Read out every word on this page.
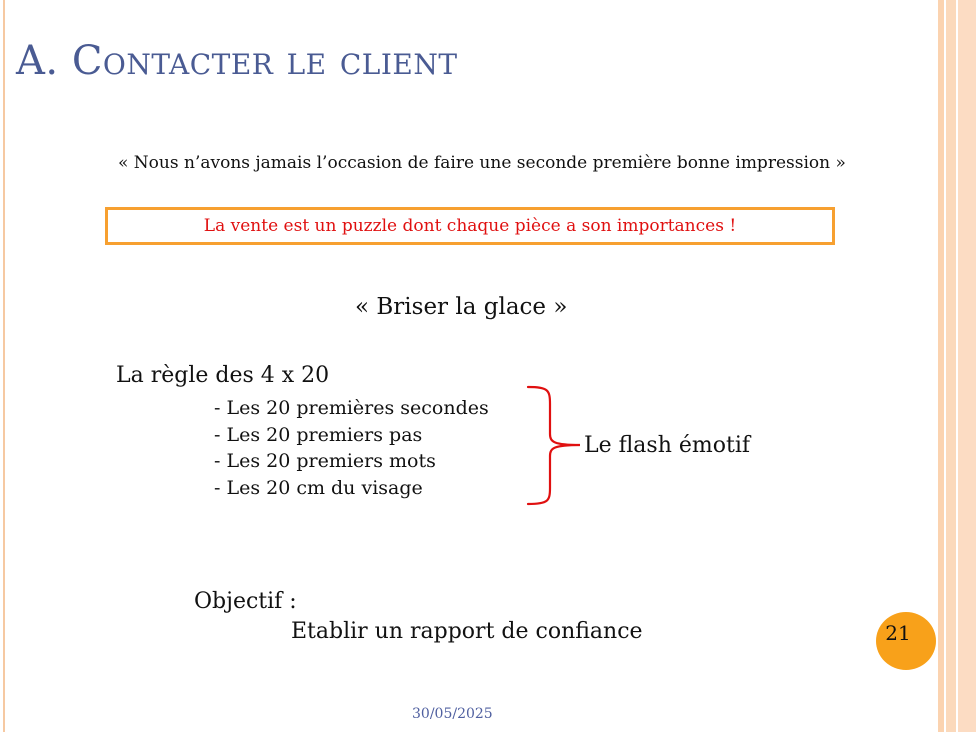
A. Contacter le client
« Nous n’avons jamais l’occasion de faire une seconde première bonne impression »
La vente est un puzzle dont chaque pièce a son importances !
« Briser la glace »
La règle des 4 x 20
- Les 20 premières secondes
- Les 20 premiers pas
- Les 20 premiers mots
- Les 20 cm du visage
Le flash émotif
Objectif :
Etablir un rapport de confiance	21
30/05/2025
